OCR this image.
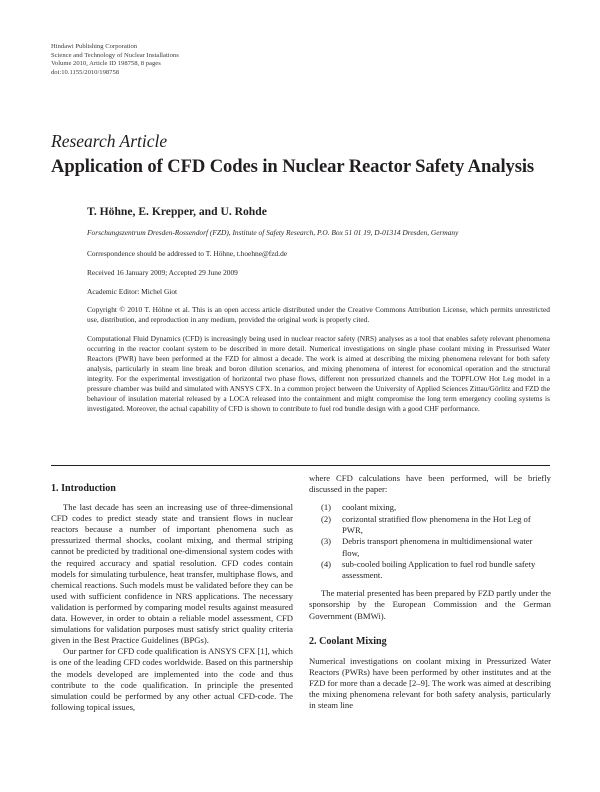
Hindawi Publishing Corporation
Science and Technology of Nuclear Installations
Volume 2010, Article ID 198758, 8 pages
doi:10.1155/2010/198758
Research Article
Application of CFD Codes in Nuclear Reactor Safety Analysis
T. Höhne, E. Krepper, and U. Rohde
Forschungszentrum Dresden-Rossendorf (FZD), Institute of Safety Research, P.O. Box 51 01 19, D-01314 Dresden, Germany
Correspondence should be addressed to T. Höhne, t.hoehne@fzd.de
Received 16 January 2009; Accepted 29 June 2009
Academic Editor: Michel Giot
Copyright © 2010 T. Höhne et al. This is an open access article distributed under the Creative Commons Attribution License, which permits unrestricted use, distribution, and reproduction in any medium, provided the original work is properly cited.
Computational Fluid Dynamics (CFD) is increasingly being used in nuclear reactor safety (NRS) analyses as a tool that enables safety relevant phenomena occurring in the reactor coolant system to be described in more detail. Numerical investigations on single phase coolant mixing in Pressurised Water Reactors (PWR) have been performed at the FZD for almost a decade. The work is aimed at describing the mixing phenomena relevant for both safety analysis, particularly in steam line break and boron dilution scenarios, and mixing phenomena of interest for economical operation and the structural integrity. For the experimental investigation of horizontal two phase flows, different non pressurized channels and the TOPFLOW Hot Leg model in a pressure chamber was build and simulated with ANSYS CFX. In a common project between the University of Applied Sciences Zittau/Görlitz and FZD the behaviour of insulation material released by a LOCA released into the containment and might compromise the long term emergency cooling systems is investigated. Moreover, the actual capability of CFD is shown to contribute to fuel rod bundle design with a good CHF performance.
1. Introduction

The last decade has seen an increasing use of three-dimensional CFD codes to predict steady state and transient flows in nuclear reactors because a number of important phenomena such as pressurized thermal shocks, coolant mixing, and thermal striping cannot be predicted by traditional one-dimensional system codes with the required accuracy and spatial resolution. CFD codes contain models for simulating turbulence, heat transfer, multiphase flows, and chemical reactions. Such models must be validated before they can be used with sufficient confidence in NRS applications. The necessary validation is performed by comparing model results against measured data. However, in order to obtain a reliable model assessment, CFD simulations for validation purposes must satisfy strict quality criteria given in the Best Practice Guidelines (BPGs).

Our partner for CFD code qualification is ANSYS CFX [1], which is one of the leading CFD codes worldwide. Based on this partnership the models developed are implemented into the code and thus contribute to the code qualification. In principle the presented simulation could be performed by any other actual CFD-code. The following topical issues,

where CFD calculations have been performed, will be briefly discussed in the paper:

(1) coolant mixing,
(2) corizontal stratified flow phenomena in the Hot Leg of PWR,
(3) Debris transport phenomena in multidimensional water flow,
(4) sub-cooled boiling Application to fuel rod bundle safety assessment.

The material presented has been prepared by FZD partly under the sponsorship by the European Commission and the German Government (BMWi).

2. Coolant Mixing

Numerical investigations on coolant mixing in Pressurized Water Reactors (PWRs) have been performed by other institutes and at the FZD for more than a decade [2–9]. The work was aimed at describing the mixing phenomena relevant for both safety analysis, particularly in steam line
